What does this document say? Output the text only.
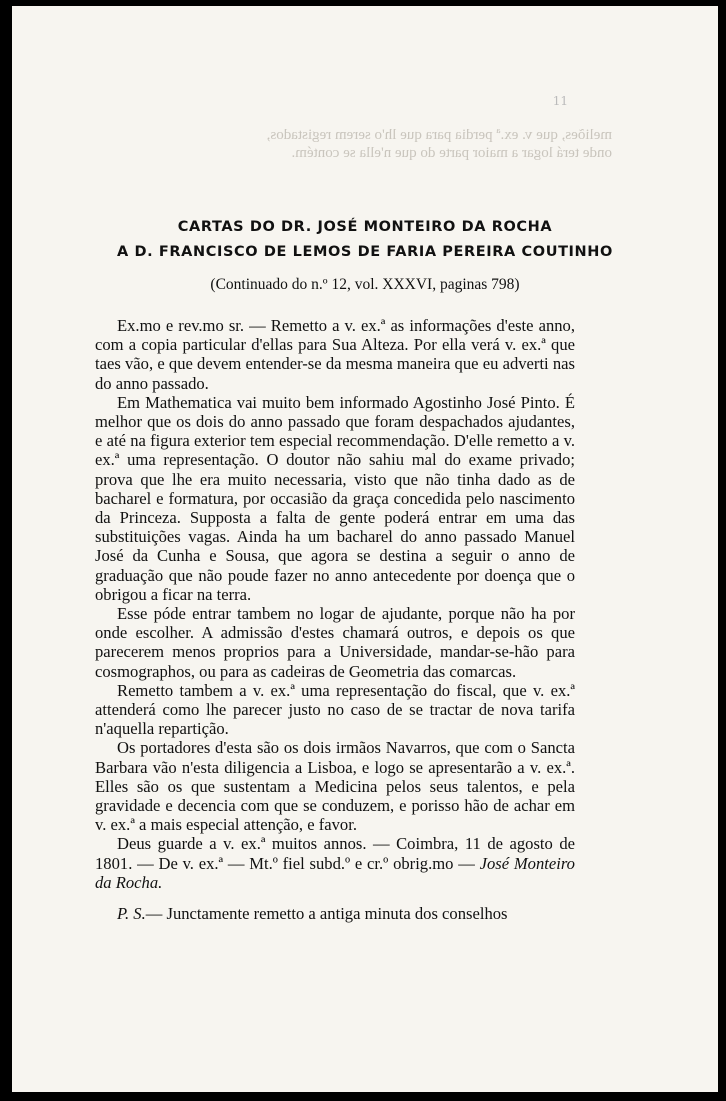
11
meliões, que v. ex.ª perdia para que lh'o serem registados,
onde terá logar a maior parte do que n'ella se contém.
CARTAS DO DR. JOSÉ MONTEIRO DA ROCHA
A D. FRANCISCO DE LEMOS DE FARIA PEREIRA COUTINHO
(Continuado do n.º 12, vol. XXXVI, paginas 798)

Ex.mo e rev.mo sr. — Remetto a v. ex.ª as informações d'este anno, com a copia particular d'ellas para Sua Alteza. Por ella verá v. ex.ª que taes vão, e que devem entender-se da mesma maneira que eu adverti nas do anno passado.

Em Mathematica vai muito bem informado Agostinho José Pinto. É melhor que os dois do anno passado que foram despachados ajudantes, e até na figura exterior tem especial recommendação. D'elle remetto a v. ex.ª uma representação. O doutor não sahiu mal do exame privado; prova que lhe era muito necessaria, visto que não tinha dado as de bacharel e formatura, por occasião da graça concedida pelo nascimento da Princeza. Supposta a falta de gente poderá entrar em uma das substituições vagas. Ainda ha um bacharel do anno passado Manuel José da Cunha e Sousa, que agora se destina a seguir o anno de graduação que não poude fazer no anno antecedente por doença que o obrigou a ficar na terra.

Esse póde entrar tambem no logar de ajudante, porque não ha por onde escolher. A admissão d'estes chamará outros, e depois os que parecerem menos proprios para a Universidade, mandar-se-hão para cosmographos, ou para as cadeiras de Geometria das comarcas.

Remetto tambem a v. ex.ª uma representação do fiscal, que v. ex.ª attenderá como lhe parecer justo no caso de se tractar de nova tarifa n'aquella repartição.

Os portadores d'esta são os dois irmãos Navarros, que com o Sancta Barbara vão n'esta diligencia a Lisboa, e logo se apresentarão a v. ex.ª. Elles são os que sustentam a Medicina pelos seus talentos, e pela gravidade e decencia com que se conduzem, e porisso hão de achar em v. ex.ª a mais especial attenção, e favor.

Deus guarde a v. ex.ª muitos annos. — Coimbra, 11 de agosto de 1801. — De v. ex.ª — Mt.º fiel subd.º e cr.º obrig.mo — José Monteiro da Rocha.

P. S.— Junctamente remetto a antiga minuta dos conselhos
